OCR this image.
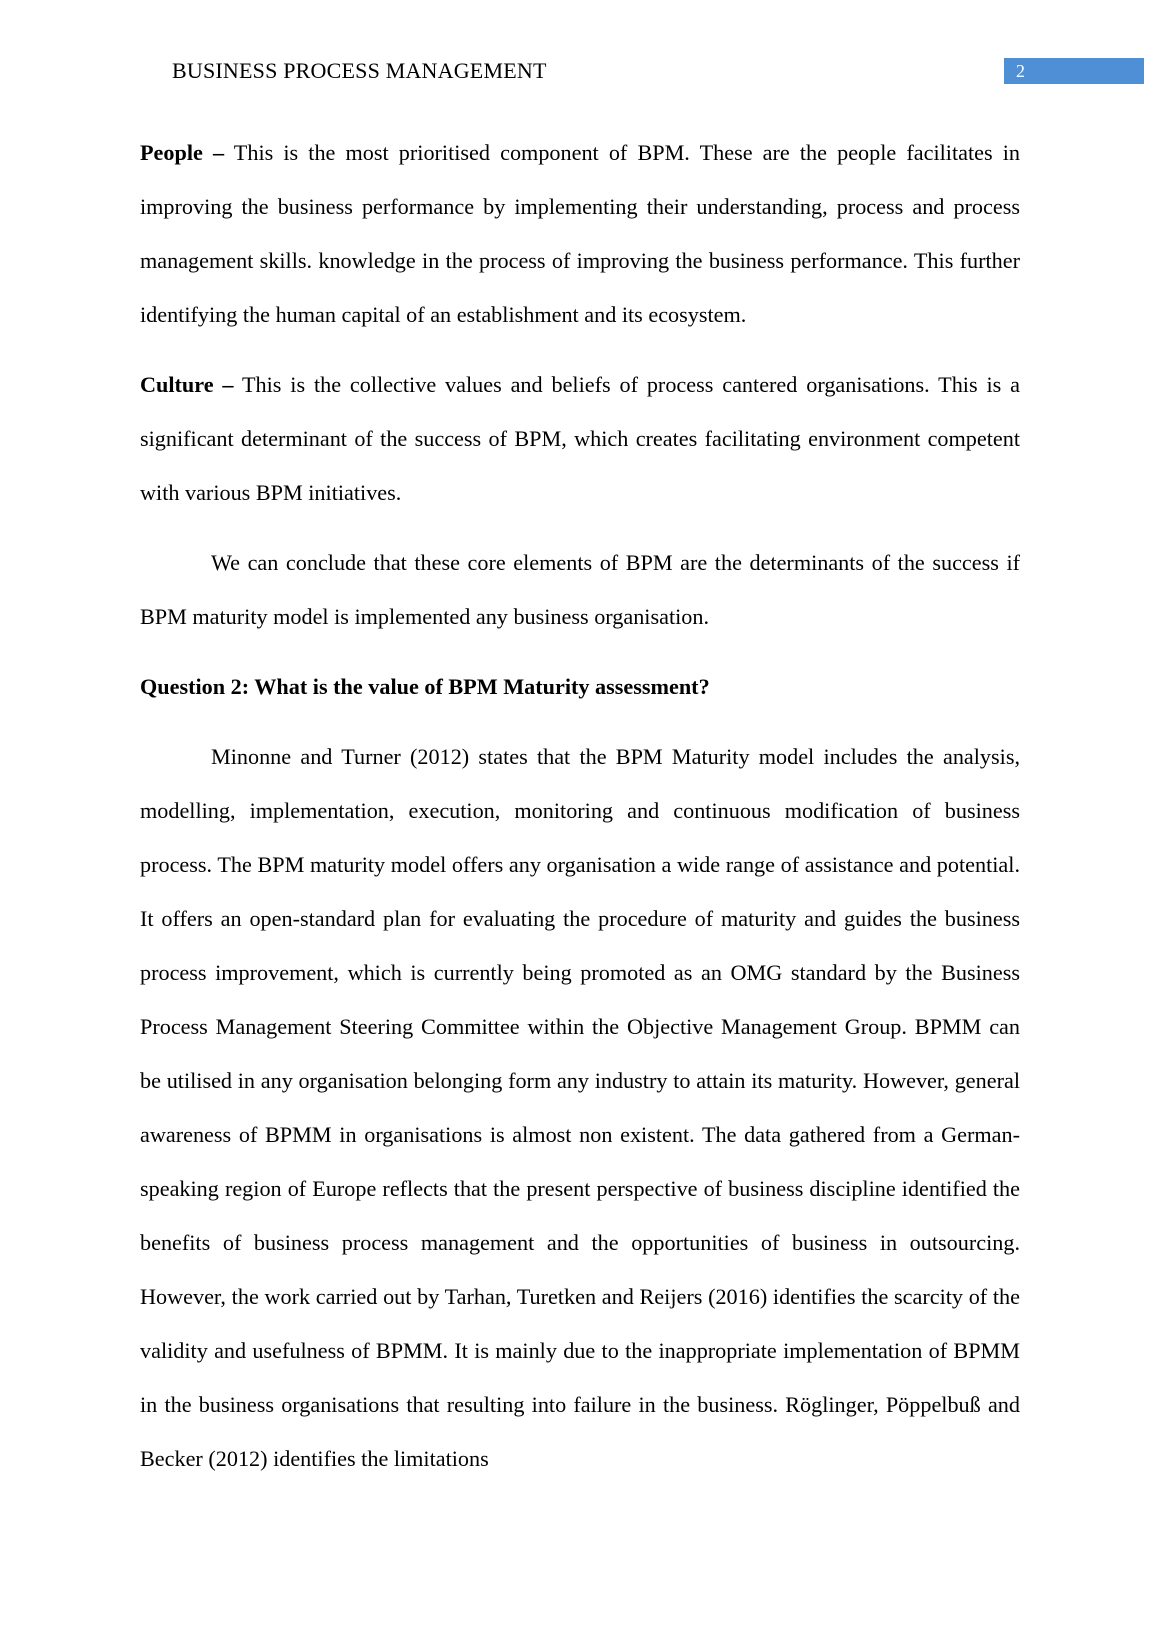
BUSINESS PROCESS MANAGEMENT	2

People – This is the most prioritised component of BPM. These are the people facilitates in improving the business performance by implementing their understanding, process and process management skills. knowledge in the process of improving the business performance. This further identifying the human capital of an establishment and its ecosystem.

Culture – This is the collective values and beliefs of process cantered organisations. This is a significant determinant of the success of BPM, which creates facilitating environment competent with various BPM initiatives.

We can conclude that these core elements of BPM are the determinants of the success if BPM maturity model is implemented any business organisation.

Question 2: What is the value of BPM Maturity assessment?

Minonne and Turner (2012) states that the BPM Maturity model includes the analysis, modelling, implementation, execution, monitoring and continuous modification of business process. The BPM maturity model offers any organisation a wide range of assistance and potential. It offers an open-standard plan for evaluating the procedure of maturity and guides the business process improvement, which is currently being promoted as an OMG standard by the Business Process Management Steering Committee within the Objective Management Group. BPMM can be utilised in any organisation belonging form any industry to attain its maturity. However, general awareness of BPMM in organisations is almost non existent. The data gathered from a German-speaking region of Europe reflects that the present perspective of business discipline identified the benefits of business process management and the opportunities of business in outsourcing. However, the work carried out by Tarhan, Turetken and Reijers (2016) identifies the scarcity of the validity and usefulness of BPMM. It is mainly due to the inappropriate implementation of BPMM in the business organisations that resulting into failure in the business. Röglinger, Pöppelbuß and Becker (2012) identifies the limitations
